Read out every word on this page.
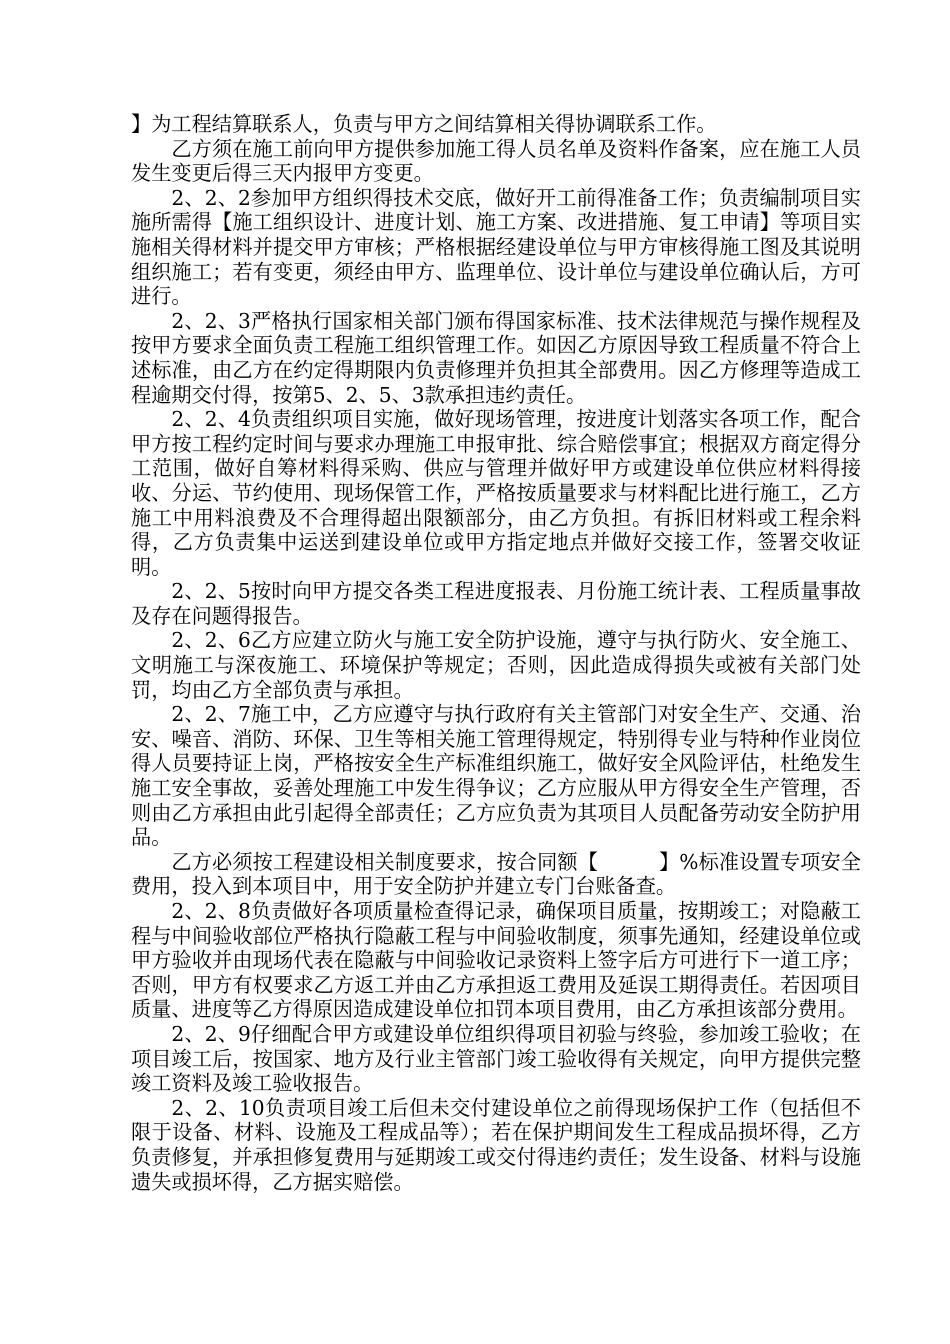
】为工程结算联系人，负责与甲方之间结算相关得协调联系工作。

乙方须在施工前向甲方提供参加施工得人员名单及资料作备案，应在施工人员发生变更后得三天内报甲方变更。

2、2、2参加甲方组织得技术交底，做好开工前得准备工作；负责编制项目实施所需得【施工组织设计、进度计划、施工方案、改进措施、复工申请】等项目实施相关得材料并提交甲方审核；严格根据经建设单位与甲方审核得施工图及其说明组织施工；若有变更，须经由甲方、监理单位、设计单位与建设单位确认后，方可进行。

2、2、3严格执行国家相关部门颁布得国家标准、技术法律规范与操作规程及按甲方要求全面负责工程施工组织管理工作。如因乙方原因导致工程质量不符合上述标准，由乙方在约定得期限内负责修理并负担其全部费用。因乙方修理等造成工程逾期交付得，按第5、2、5、3款承担违约责任。

2、2、4负责组织项目实施，做好现场管理，按进度计划落实各项工作，配合甲方按工程约定时间与要求办理施工申报审批、综合赔偿事宜；根据双方商定得分工范围，做好自筹材料得采购、供应与管理并做好甲方或建设单位供应材料得接收、分运、节约使用、现场保管工作，严格按质量要求与材料配比进行施工，乙方施工中用料浪费及不合理得超出限额部分，由乙方负担。有拆旧材料或工程余料得，乙方负责集中运送到建设单位或甲方指定地点并做好交接工作，签署交收证明。

2、2、5按时向甲方提交各类工程进度报表、月份施工统计表、工程质量事故及存在问题得报告。

2、2、6乙方应建立防火与施工安全防护设施，遵守与执行防火、安全施工、文明施工与深夜施工、环境保护等规定；否则，因此造成得损失或被有关部门处罚，均由乙方全部负责与承担。

2、2、7施工中，乙方应遵守与执行政府有关主管部门对安全生产、交通、治安、噪音、消防、环保、卫生等相关施工管理得规定，特别得专业与特种作业岗位得人员要持证上岗，严格按安全生产标准组织施工，做好安全风险评估，杜绝发生施工安全事故，妥善处理施工中发生得争议；乙方应服从甲方得安全生产管理，否则由乙方承担由此引起得全部责任；乙方应负责为其项目人员配备劳动安全防护用品。

乙方必须按工程建设相关制度要求，按合同额【　　　】%标准设置专项安全费用，投入到本项目中，用于安全防护并建立专门台账备查。

2、2、8负责做好各项质量检查得记录，确保项目质量，按期竣工；对隐蔽工程与中间验收部位严格执行隐蔽工程与中间验收制度，须事先通知，经建设单位或甲方验收并由现场代表在隐蔽与中间验收记录资料上签字后方可进行下一道工序；否则，甲方有权要求乙方返工并由乙方承担返工费用及延误工期得责任。若因项目质量、进度等乙方得原因造成建设单位扣罚本项目费用，由乙方承担该部分费用。

2、2、9仔细配合甲方或建设单位组织得项目初验与终验，参加竣工验收；在项目竣工后，按国家、地方及行业主管部门竣工验收得有关规定，向甲方提供完整竣工资料及竣工验收报告。

2、2、10负责项目竣工后但未交付建设单位之前得现场保护工作（包括但不限于设备、材料、设施及工程成品等）；若在保护期间发生工程成品损坏得，乙方负责修复，并承担修复费用与延期竣工或交付得违约责任；发生设备、材料与设施遗失或损坏得，乙方据实赔偿。
